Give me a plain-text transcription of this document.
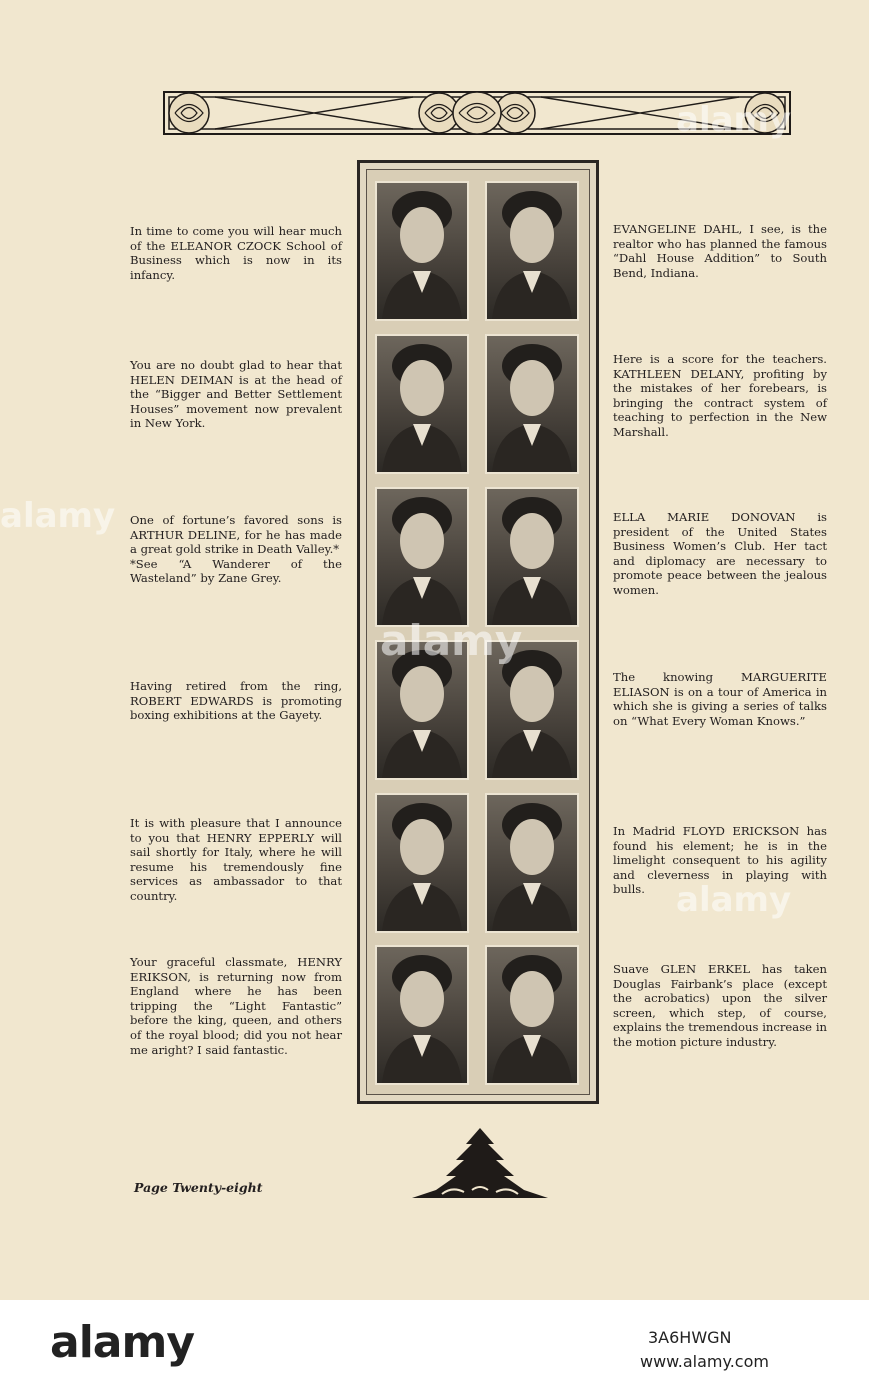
In time to come you will hear much of the ELEANOR CZOCK School of Business which is now in its infancy.
You are no doubt glad to hear that HELEN DEIMAN is at the head of the “Bigger and Better Settlement Houses” movement now prevalent in New York.
One of fortune’s favored sons is ARTHUR DELINE, for he has made a great gold strike in Death Valley.*
*See “A Wanderer of the Wasteland” by Zane Grey.
Having retired from the ring, ROBERT EDWARDS is promoting boxing exhibitions at the Gayety.
It is with pleasure that I announce to you that HENRY EPPERLY will sail shortly for Italy, where he will resume his tremendously fine services as ambassador to that country.
Your graceful classmate, HENRY ERIKSON, is returning now from England where he has been tripping the “Light Fantastic” before the king, queen, and others of the royal blood; did you not hear me aright? I said fantastic.
EVANGELINE DAHL, I see, is the realtor who has planned the famous “Dahl House Addition” to South Bend, Indiana.
Here is a score for the teachers. KATHLEEN DELANY, profiting by the mistakes of her forebears, is bringing the contract system of teaching to perfection in the New Marshall.
ELLA MARIE DONOVAN is president of the United States Business Women’s Club. Her tact and diplomacy are necessary to promote peace between the jealous women.
The knowing MARGUERITE ELIASON is on a tour of America in which she is giving a series of talks on “What Every Woman Knows.”
In Madrid FLOYD ERICKSON has found his element; he is in the limelight consequent to his agility and cleverness in playing with bulls.
Suave GLEN ERKEL has taken Douglas Fairbank’s place (except the acrobatics) upon the silver screen, which step, of course, explains the tremendous increase in the motion picture industry.
Page Twenty-eight
alamy
alamy
alamy
alamy
alamy	3A6HWGN
www.alamy.com
